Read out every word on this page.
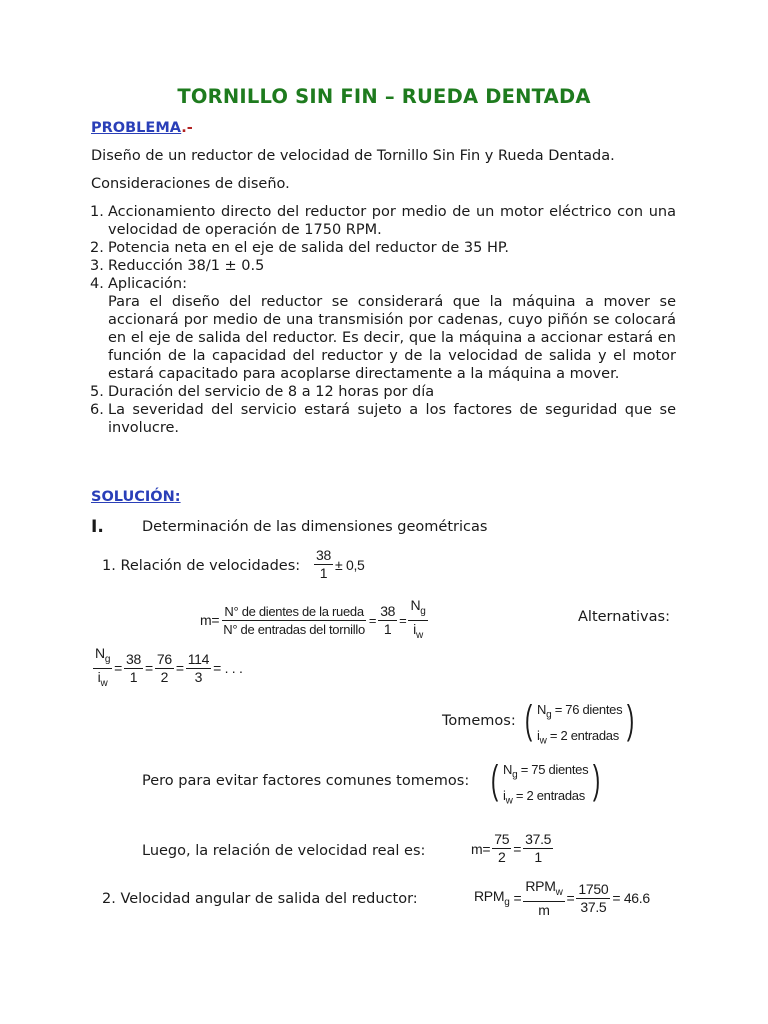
TORNILLO SIN FIN – RUEDA DENTADA
PROBLEMA.-
Diseño de un reductor de velocidad de Tornillo Sin Fin y Rueda Dentada.
Consideraciones de diseño.
1. Accionamiento directo del reductor por medio de un motor eléctrico con una velocidad de operación de 1750 RPM.
2. Potencia neta en el eje de salida del reductor de 35 HP.
3. Reducción 38/1 ± 0.5
4. Aplicación:
Para el diseño del reductor se considerará que la máquina a mover se accionará por medio de una transmisión por cadenas, cuyo piñón se colocará en el eje de salida del reductor. Es decir, que la máquina a accionar estará en función de la capacidad del reductor y de la velocidad de salida y el motor estará capacitado para acoplarse directamente a la máquina a mover.
5. Duración del servicio de 8 a 12 horas por día
6. La severidad del servicio estará sujeto a los factores de seguridad que se involucre.
SOLUCIÓN:
I.	Determinación de las dimensiones geométricas
1. Relación de velocidades: $\frac{38}{1} \pm 0,5$
$m= \frac{\text{N° de dientes de la rueda}}{\text{N° de entradas del tornillo}} = \frac{38}{1} = \frac{N_g}{i_w}$	Alternativas:
$\frac{N_g}{i_w} = \frac{38}{1} = \frac{76}{2} = \frac{114}{3}$ = . . .
Tomemos: ( $N_g = 76$ dientes
$i_w = 2$ entradas )
Pero para evitar factores comunes tomemos: ( $N_g = 75$ dientes
$i_w = 2$ entradas )
Luego, la relación de velocidad real es:	$m= \frac{75}{2} = \frac{37.5}{1}$
2. Velocidad angular de salida del reductor:	$RPM_g = \frac{RPM_w}{m} = \frac{1750}{37.5} = 46.6$
